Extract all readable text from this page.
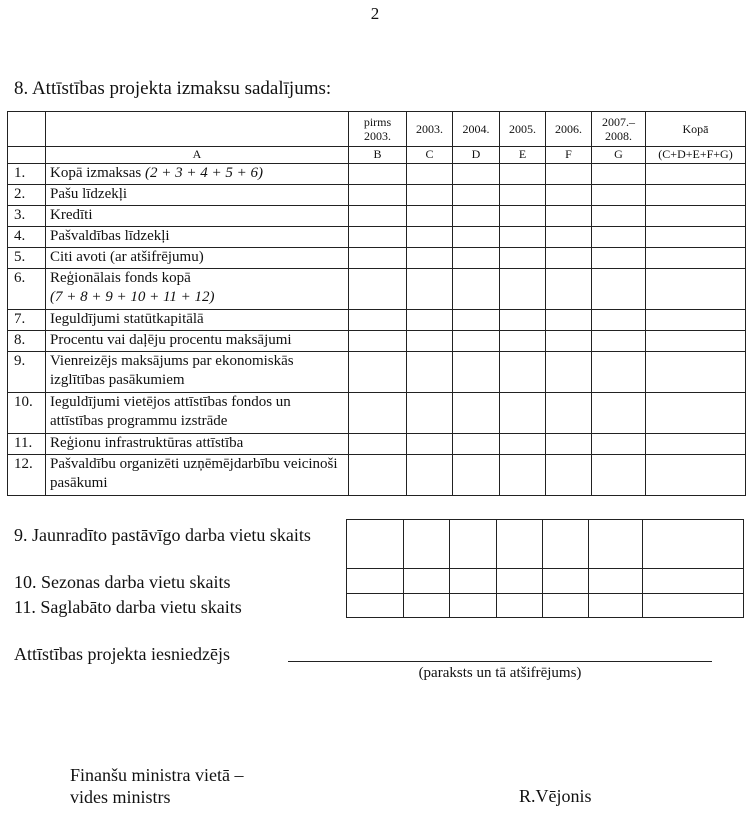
2
8. Attīstības projekta izmaksu sadalījums:
		pirms 2003.	2003.	2004.	2005.	2006.	2007.– 2008.	Kopā
	A	B	C	D	E	F	G	(C+D+E+F+G)
1.	Kopā izmaksas (2 + 3 + 4 + 5 + 6)							
2.	Pašu līdzekļi							
3.	Kredīti							
4.	Pašvaldības līdzekļi							
5.	Citi avoti (ar atšifrējumu)							
6.	Reģionālais fonds kopā
(7 + 8 + 9 + 10 + 11 + 12)							
7.	Ieguldījumi statūtkapitālā							
8.	Procentu vai daļēju procentu maksājumi							
9.	Vienreizējs maksājums par ekonomiskās izglītības pasākumiem							
10.	Ieguldījumi vietējos attīstības fondos un attīstības programmu izstrāde							
11.	Reģionu infrastruktūras attīstība							
12.	Pašvaldību organizēti uzņēmējdarbību veicinoši pasākumi							

9. Jaunradīto pastāvīgo darba vietu skaits
10. Sezonas darba vietu skaits
11. Saglabāto darba vietu skaits
Attīstības projekta iesniedzējs
(paraksts un tā atšifrējums)
Finanšu ministra vietā –
vides ministrs	R.Vējonis
